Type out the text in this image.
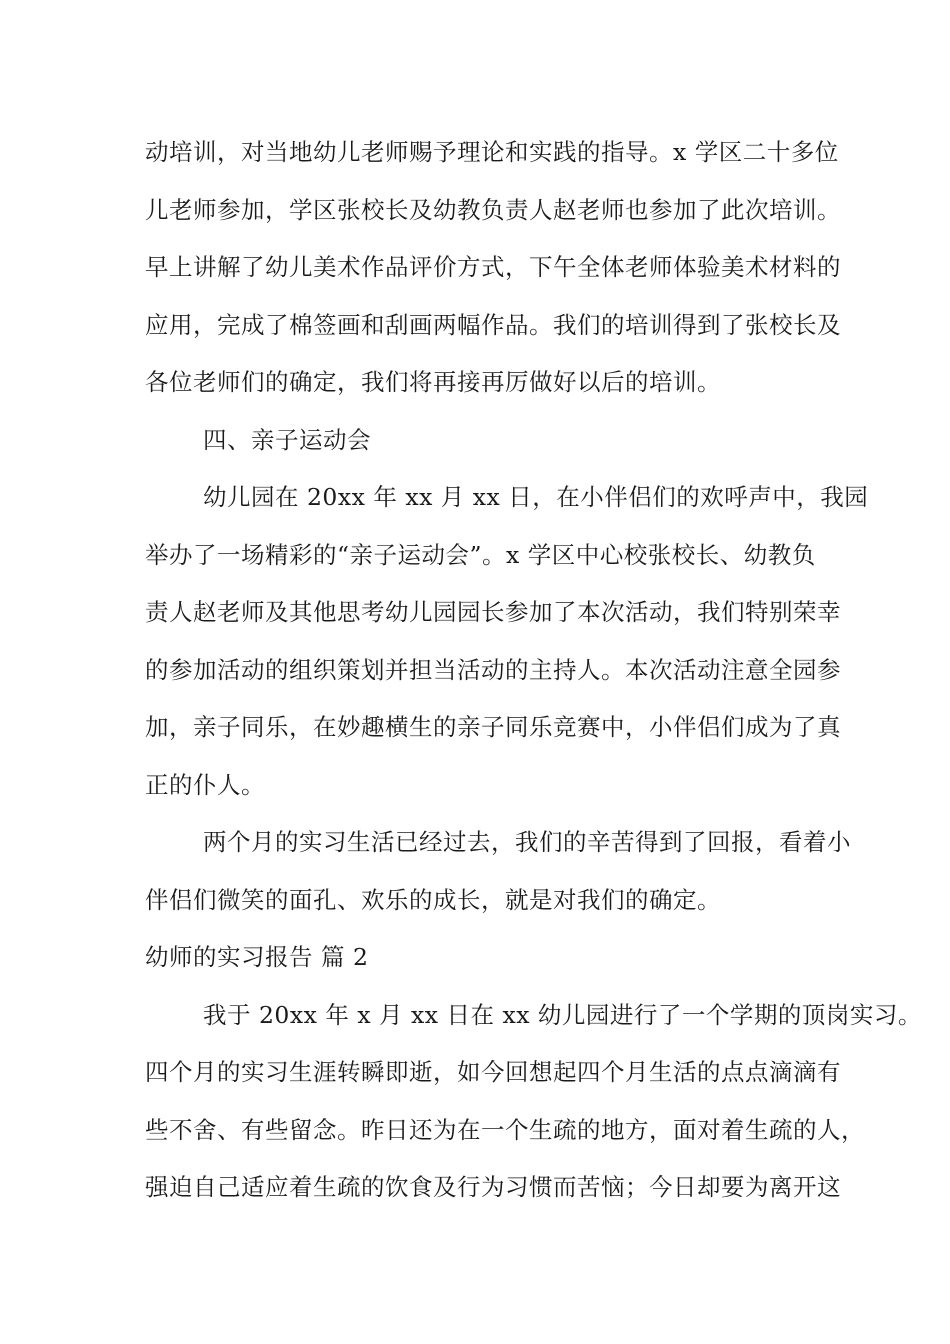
动培训，对当地幼儿老师赐予理论和实践的指导。x 学区二十多位
儿老师参加，学区张校长及幼教负责人赵老师也参加了此次培训。
早上讲解了幼儿美术作品评价方式，下午全体老师体验美术材料的
应用，完成了棉签画和刮画两幅作品。我们的培训得到了张校长及
各位老师们的确定，我们将再接再厉做好以后的培训。
四、亲子运动会
幼儿园在 20xx 年 xx 月 xx 日，在小伴侣们的欢呼声中，我园
举办了一场精彩的“亲子运动会”。x 学区中心校张校长、幼教负
责人赵老师及其他思考幼儿园园长参加了本次活动，我们特别荣幸
的参加活动的组织策划并担当活动的主持人。本次活动注意全园参
加，亲子同乐，在妙趣横生的亲子同乐竞赛中，小伴侣们成为了真
正的仆人。
两个月的实习生活已经过去，我们的辛苦得到了回报，看着小
伴侣们微笑的面孔、欢乐的成长，就是对我们的确定。
幼师的实习报告 篇 2
我于 20xx 年 x 月 xx 日在 xx 幼儿园进行了一个学期的顶岗实习。
四个月的实习生涯转瞬即逝，如今回想起四个月生活的点点滴滴有
些不舍、有些留念。昨日还为在一个生疏的地方，面对着生疏的人，
强迫自己适应着生疏的饮食及行为习惯而苦恼；今日却要为离开这
